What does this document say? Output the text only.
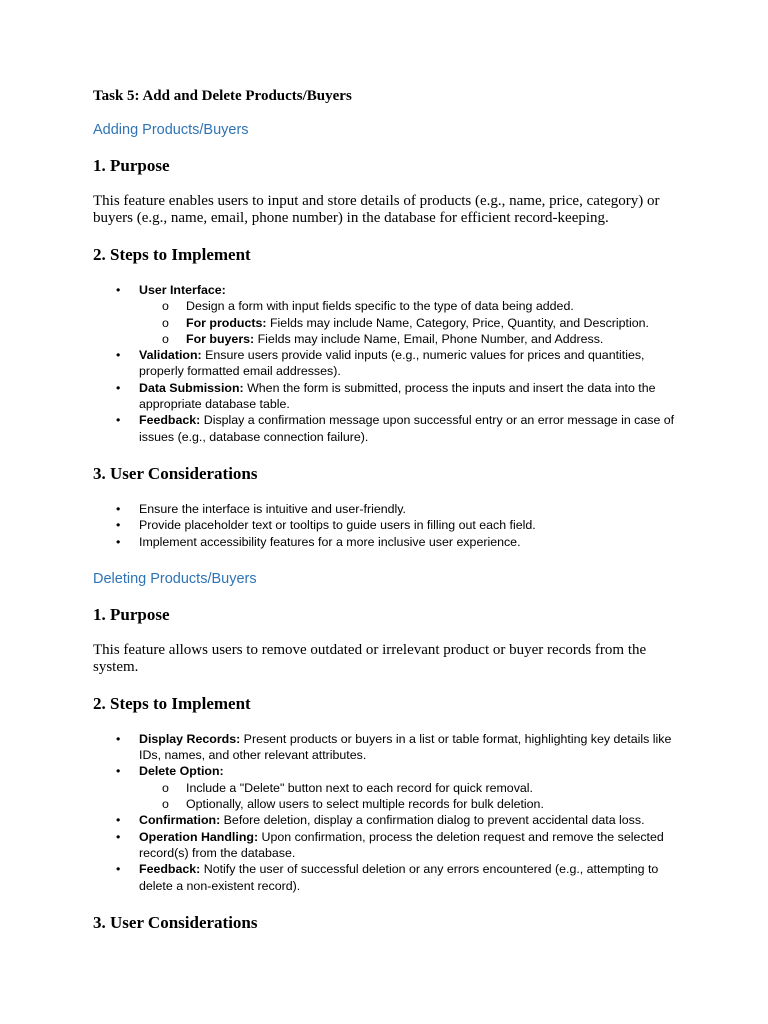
Task 5: Add and Delete Products/Buyers
Adding Products/Buyers
1. Purpose
This feature enables users to input and store details of products (e.g., name, price, category) or buyers (e.g., name, email, phone number) in the database for efficient record-keeping.
2. Steps to Implement
• User Interface:
o Design a form with input fields specific to the type of data being added.
o For products: Fields may include Name, Category, Price, Quantity, and Description.
o For buyers: Fields may include Name, Email, Phone Number, and Address.
• Validation: Ensure users provide valid inputs (e.g., numeric values for prices and quantities, properly formatted email addresses).
• Data Submission: When the form is submitted, process the inputs and insert the data into the appropriate database table.
• Feedback: Display a confirmation message upon successful entry or an error message in case of issues (e.g., database connection failure).
3. User Considerations
• Ensure the interface is intuitive and user-friendly.
• Provide placeholder text or tooltips to guide users in filling out each field.
• Implement accessibility features for a more inclusive user experience.
Deleting Products/Buyers
1. Purpose
This feature allows users to remove outdated or irrelevant product or buyer records from the system.
2. Steps to Implement
• Display Records: Present products or buyers in a list or table format, highlighting key details like IDs, names, and other relevant attributes.
• Delete Option:
o Include a "Delete" button next to each record for quick removal.
o Optionally, allow users to select multiple records for bulk deletion.
• Confirmation: Before deletion, display a confirmation dialog to prevent accidental data loss.
• Operation Handling: Upon confirmation, process the deletion request and remove the selected record(s) from the database.
• Feedback: Notify the user of successful deletion or any errors encountered (e.g., attempting to delete a non-existent record).
3. User Considerations
